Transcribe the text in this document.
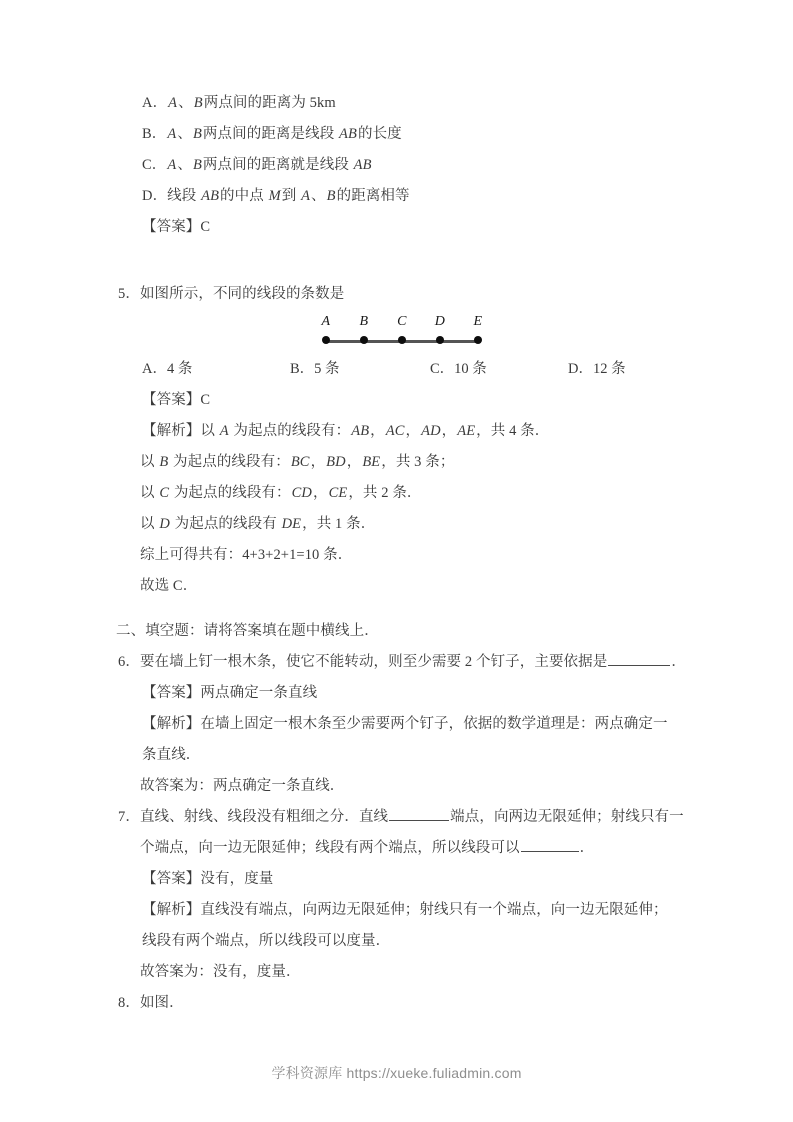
A．A、B两点间的距离为 5km
B．A、B两点间的距离是线段 AB的长度
C．A、B两点间的距离就是线段 AB
D．线段 AB的中点 M到 A、B的距离相等
【答案】C
5．如图所示，不同的线段的条数是
A B C D E
A．4 条	B．5 条	C．10 条	D．12 条
【答案】C
【解析】以 A 为起点的线段有：AB，AC，AD，AE，共 4 条．
以 B 为起点的线段有：BC，BD，BE，共 3 条；
以 C 为起点的线段有：CD，CE，共 2 条．
以 D 为起点的线段有 DE，共 1 条．
综上可得共有：4+3+2+1=10 条．
故选 C．
二、填空题：请将答案填在题中横线上．
6．要在墙上钉一根木条，使它不能转动，则至少需要 2 个钉子，主要依据是	．
【答案】两点确定一条直线
【解析】在墙上固定一根木条至少需要两个钉子，依据的数学道理是：两点确定一条直线．
故答案为：两点确定一条直线．
7．直线、射线、线段没有粗细之分．直线	端点，向两边无限延伸；射线只有一
个端点，向一边无限延伸；线段有两个端点，所以线段可以	．
【答案】没有，度量
【解析】直线没有端点，向两边无限延伸；射线只有一个端点，向一边无限延伸；线段有两个端点，所以线段可以度量．
故答案为：没有，度量．
8．如图．
学科资源库 https://xueke.fuliadmin.com
